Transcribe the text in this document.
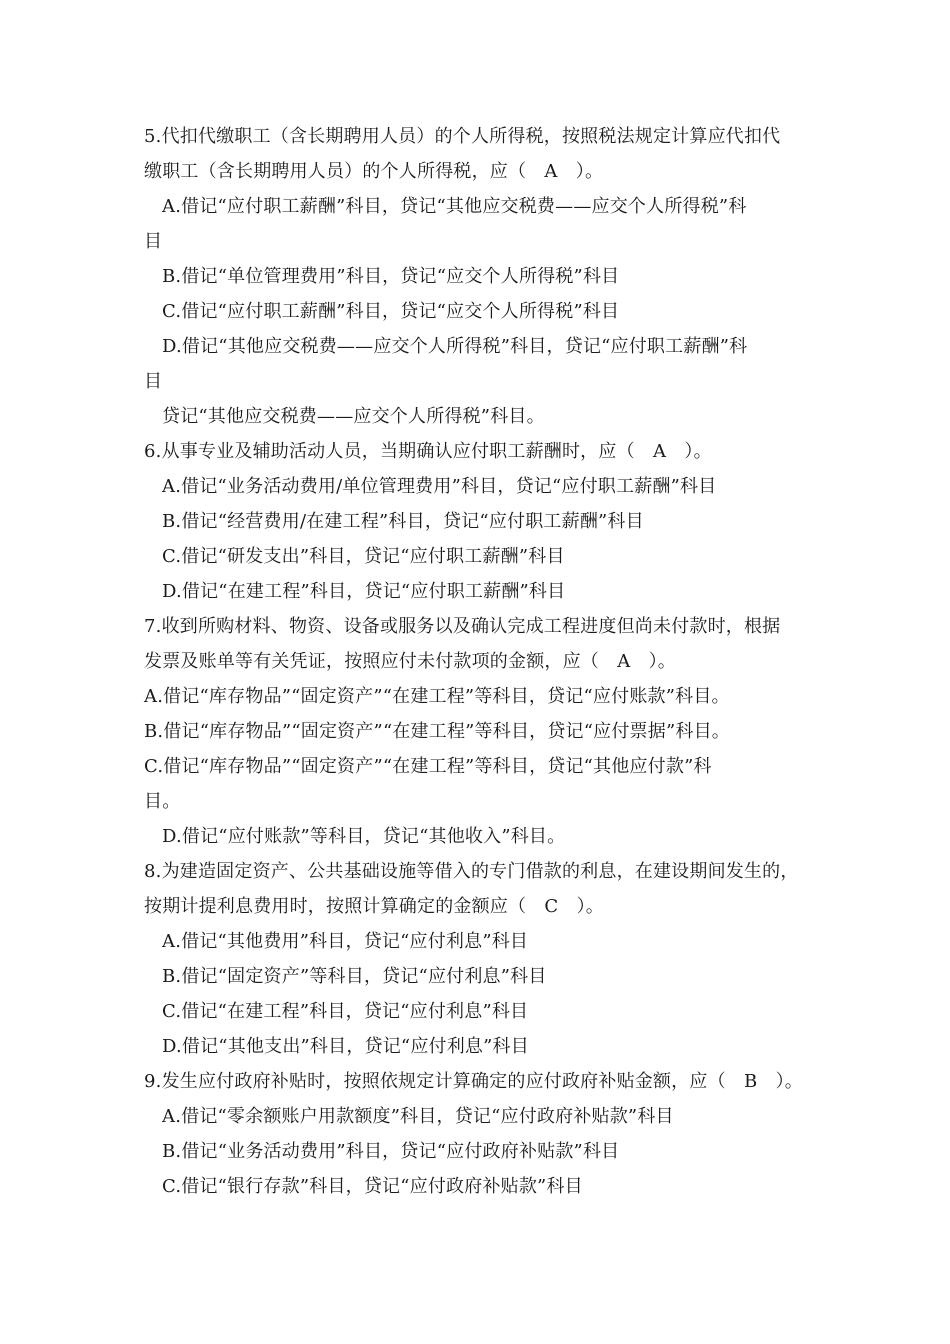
5.代扣代缴职工（含长期聘用人员）的个人所得税，按照税法规定计算应代扣代
缴职工（含长期聘用人员）的个人所得税，应（　A　）。
A.借记“应付职工薪酬”科目，贷记“其他应交税费——应交个人所得税”科
目
B.借记“单位管理费用”科目，贷记“应交个人所得税”科目
C.借记“应付职工薪酬”科目，贷记“应交个人所得税”科目
D.借记“其他应交税费——应交个人所得税”科目，贷记“应付职工薪酬”科
目
贷记“其他应交税费——应交个人所得税”科目。
6.从事专业及辅助活动人员，当期确认应付职工薪酬时，应（　A　）。
A.借记“业务活动费用/单位管理费用”科目，贷记“应付职工薪酬”科目
B.借记“经营费用/在建工程”科目，贷记“应付职工薪酬”科目
C.借记“研发支出”科目，贷记“应付职工薪酬”科目
D.借记“在建工程”科目，贷记“应付职工薪酬”科目
7.收到所购材料、物资、设备或服务以及确认完成工程进度但尚未付款时，根据
发票及账单等有关凭证，按照应付未付款项的金额，应（　A　）。
A.借记“库存物品”“固定资产”“在建工程”等科目，贷记“应付账款”科目。
B.借记“库存物品”“固定资产”“在建工程”等科目，贷记“应付票据”科目。
C.借记“库存物品”“固定资产”“在建工程”等科目，贷记“其他应付款”科
目。
D.借记“应付账款”等科目，贷记“其他收入”科目。
8.为建造固定资产、公共基础设施等借入的专门借款的利息，在建设期间发生的，
按期计提利息费用时，按照计算确定的金额应（　C　）。
A.借记“其他费用”科目，贷记“应付利息”科目
B.借记“固定资产”等科目，贷记“应付利息”科目
C.借记“在建工程”科目，贷记“应付利息”科目
D.借记“其他支出”科目，贷记“应付利息”科目
9.发生应付政府补贴时，按照依规定计算确定的应付政府补贴金额，应（　B　）。
A.借记“零余额账户用款额度”科目，贷记“应付政府补贴款”科目
B.借记“业务活动费用”科目，贷记“应付政府补贴款”科目
C.借记“银行存款”科目，贷记“应付政府补贴款”科目
